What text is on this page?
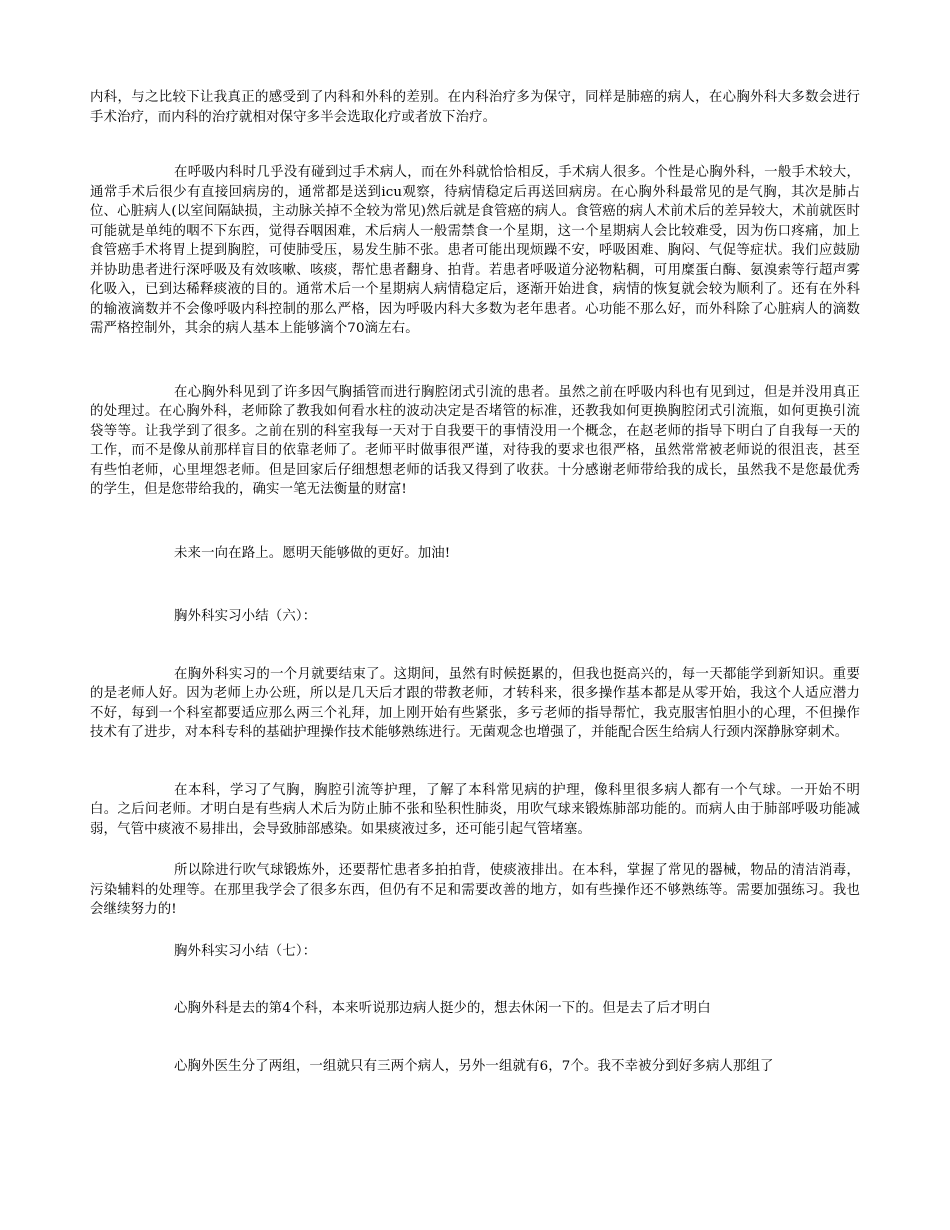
内科，与之比较下让我真正的感受到了内科和外科的差别。在内科治疗多为保守，同样是肺癌的病人，在心胸外科大多数会进行手术治疗，而内科的治疗就相对保守多半会选取化疗或者放下治疗。

在呼吸内科时几乎没有碰到过手术病人，而在外科就恰恰相反，手术病人很多。个性是心胸外科，一般手术较大，通常手术后很少有直接回病房的，通常都是送到icu观察，待病情稳定后再送回病房。在心胸外科最常见的是气胸，其次是肺占位、心脏病人(以室间隔缺损，主动脉关掉不全较为常见)然后就是食管癌的病人。食管癌的病人术前术后的差异较大，术前就医时可能就是单纯的咽不下东西，觉得吞咽困难，术后病人一般需禁食一个星期，这一个星期病人会比较难受，因为伤口疼痛，加上食管癌手术将胃上提到胸腔，可使肺受压，易发生肺不张。患者可能出现烦躁不安，呼吸困难、胸闷、气促等症状。我们应鼓励并协助患者进行深呼吸及有效咳嗽、咳痰，帮忙患者翻身、拍背。若患者呼吸道分泌物粘稠，可用糜蛋白酶、氨溴索等行超声雾化吸入，已到达稀释痰液的目的。通常术后一个星期病人病情稳定后，逐渐开始进食，病情的恢复就会较为顺利了。还有在外科的输液滴数并不会像呼吸内科控制的那么严格，因为呼吸内科大多数为老年患者。心功能不那么好，而外科除了心脏病人的滴数需严格控制外，其余的病人基本上能够滴个70滴左右。

在心胸外科见到了许多因气胸插管而进行胸腔闭式引流的患者。虽然之前在呼吸内科也有见到过，但是并没用真正的处理过。在心胸外科，老师除了教我如何看水柱的波动决定是否堵管的标准，还教我如何更换胸腔闭式引流瓶，如何更换引流袋等等。让我学到了很多。之前在别的科室我每一天对于自我要干的事情没用一个概念，在赵老师的指导下明白了自我每一天的工作，而不是像从前那样盲目的依靠老师了。老师平时做事很严谨，对待我的要求也很严格，虽然常常被老师说的很沮丧，甚至有些怕老师，心里埋怨老师。但是回家后仔细想想老师的话我又得到了收获。十分感谢老师带给我的成长，虽然我不是您最优秀的学生，但是您带给我的，确实一笔无法衡量的财富!

未来一向在路上。愿明天能够做的更好。加油!

胸外科实习小结（六）：

在胸外科实习的一个月就要结束了。这期间，虽然有时候挺累的，但我也挺高兴的，每一天都能学到新知识。重要的是老师人好。因为老师上办公班，所以是几天后才跟的带教老师，才转科来，很多操作基本都是从零开始，我这个人适应潜力不好，每到一个科室都要适应那么两三个礼拜，加上刚开始有些紧张，多亏老师的指导帮忙，我克服害怕胆小的心理，不但操作技术有了进步，对本科专科的基础护理操作技术能够熟练进行。无菌观念也增强了，并能配合医生给病人行颈内深静脉穿刺术。

在本科，学习了气胸，胸腔引流等护理，了解了本科常见病的护理，像科里很多病人都有一个气球。一开始不明白。之后问老师。才明白是有些病人术后为防止肺不张和坠积性肺炎，用吹气球来锻炼肺部功能的。而病人由于肺部呼吸功能减弱，气管中痰液不易排出，会导致肺部感染。如果痰液过多，还可能引起气管堵塞。

所以除进行吹气球锻炼外，还要帮忙患者多拍拍背，使痰液排出。在本科，掌握了常见的器械，物品的清洁消毒，污染辅料的处理等。在那里我学会了很多东西，但仍有不足和需要改善的地方，如有些操作还不够熟练等。需要加强练习。我也会继续努力的!

胸外科实习小结（七）：

心胸外科是去的第4个科，本来听说那边病人挺少的，想去休闲一下的。但是去了后才明白

心胸外医生分了两组，一组就只有三两个病人，另外一组就有6，7个。我不幸被分到好多病人那组了
